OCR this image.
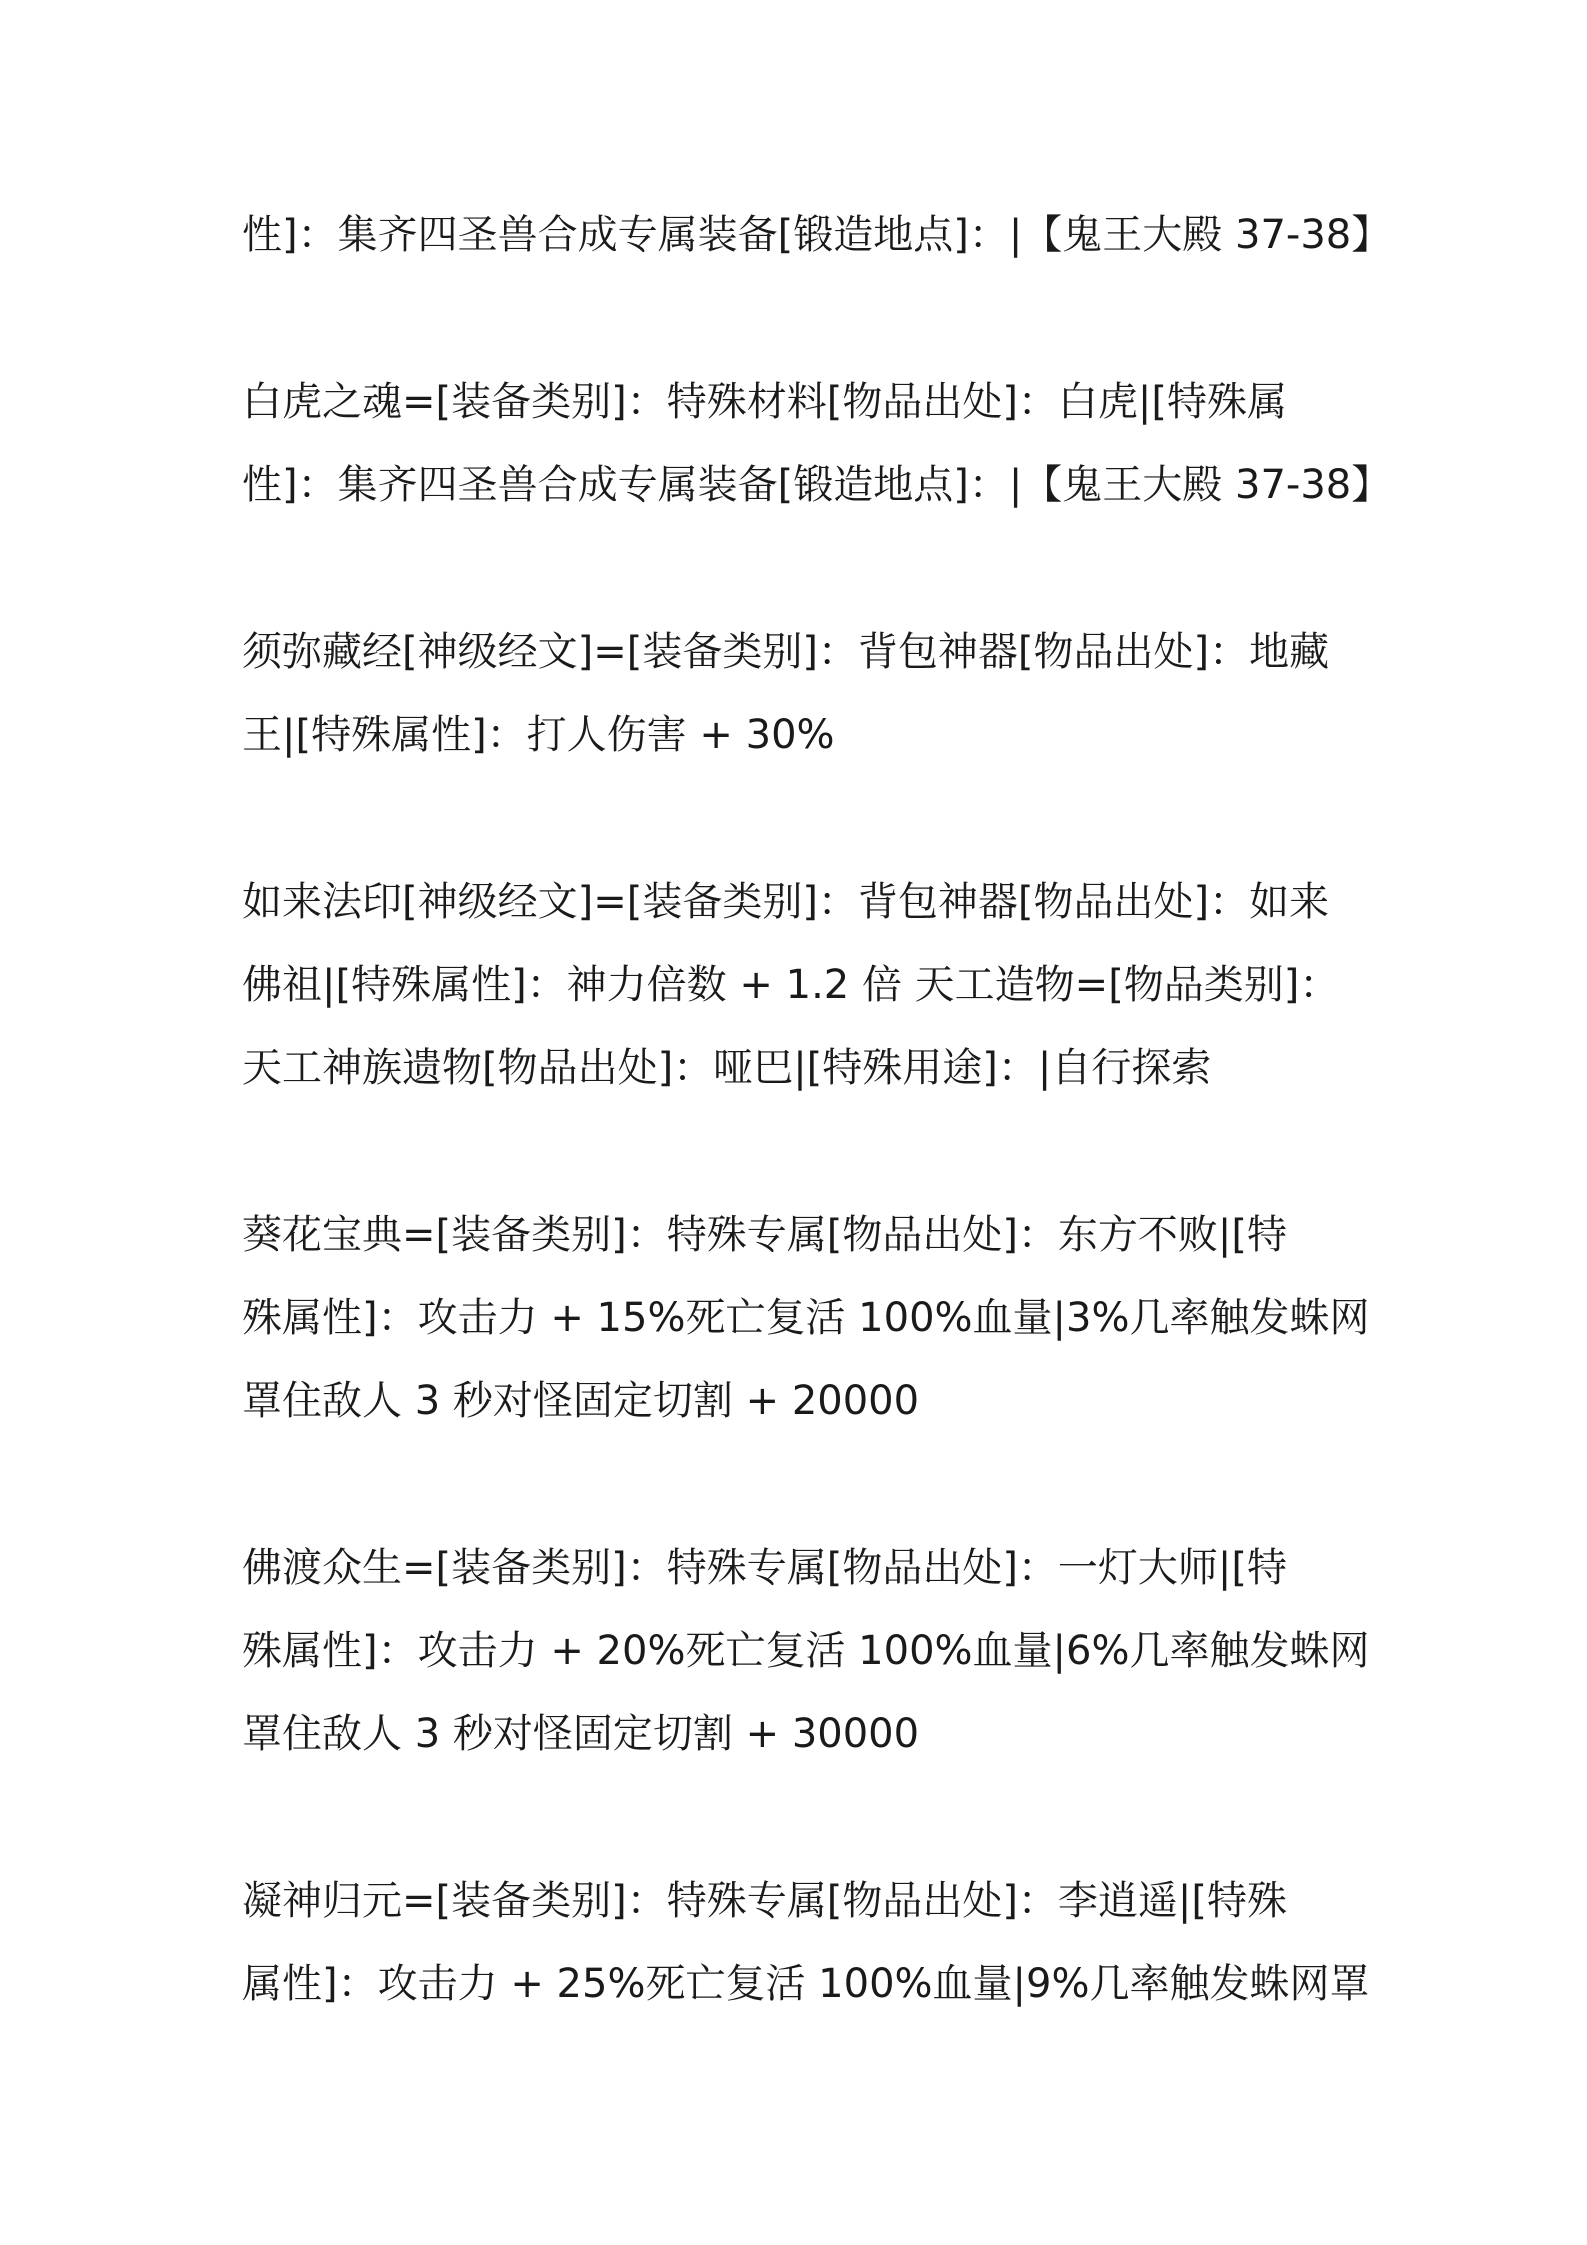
性]：集齐四圣兽合成专属装备[锻造地点]：|【鬼王大殿 37-38】
白虎之魂=[装备类别]：特殊材料[物品出处]：白虎|[特殊属
性]：集齐四圣兽合成专属装备[锻造地点]：|【鬼王大殿 37-38】
须弥藏经[神级经文]=[装备类别]：背包神器[物品出处]：地藏
王|[特殊属性]：打人伤害 + 30%
如来法印[神级经文]=[装备类别]：背包神器[物品出处]：如来
佛祖|[特殊属性]：神力倍数 + 1.2 倍 天工造物=[物品类别]：
天工神族遗物[物品出处]：哑巴|[特殊用途]：|自行探索
葵花宝典=[装备类别]：特殊专属[物品出处]：东方不败|[特
殊属性]：攻击力 + 15%死亡复活 100%血量|3%几率触发蛛网
罩住敌人 3 秒对怪固定切割 + 20000
佛渡众生=[装备类别]：特殊专属[物品出处]：一灯大师|[特
殊属性]：攻击力 + 20%死亡复活 100%血量|6%几率触发蛛网
罩住敌人 3 秒对怪固定切割 + 30000
凝神归元=[装备类别]：特殊专属[物品出处]：李逍遥|[特殊
属性]：攻击力 + 25%死亡复活 100%血量|9%几率触发蛛网罩
